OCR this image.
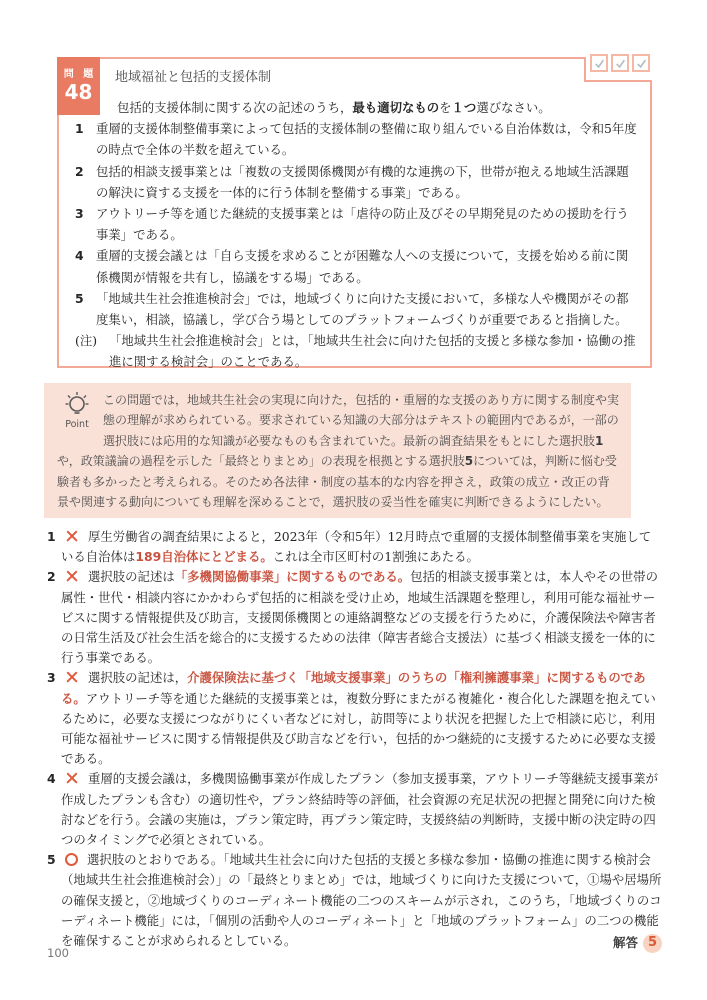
問 題
48
地域福祉と包括的支援体制

包括的支援体制に関する次の記述のうち，最も適切なものを１つ選びなさい。

1 重層的支援体制整備事業によって包括的支援体制の整備に取り組んでいる自治体数は，令和5年度の時点で全体の半数を超えている。

2 包括的相談支援事業とは「複数の支援関係機関が有機的な連携の下，世帯が抱える地域生活課題の解決に資する支援を一体的に行う体制を整備する事業」である。

3 アウトリーチ等を通じた継続的支援事業とは「虐待の防止及びその早期発見のための援助を行う事業」である。

4 重層的支援会議とは「自ら支援を求めることが困難な人への支援について，支援を始める前に関係機関が情報を共有し，協議をする場」である。

5 「地域共生社会推進検討会」では，地域づくりに向けた支援において，多様な人や機関がその都度集い，相談，協議し，学び合う場としてのプラットフォームづくりが重要であると指摘した。

(注) 「地域共生社会推進検討会」とは，「地域共生社会に向けた包括的支援と多様な参加・協働の推進に関する検討会」のことである。

Point
この問題では，地域共生社会の実現に向けた，包括的・重層的な支援のあり方に関する制度や実態の理解が求められている。要求されている知識の大部分はテキストの範囲内であるが，一部の選択肢には応用的な知識が必要なものも含まれていた。最新の調査結果をもとにした選択肢1や，政策議論の過程を示した「最終とりまとめ」の表現を根拠とする選択肢5については，判断に悩む受験者も多かったと考えられる。そのため各法律・制度の基本的な内容を押さえ，政策の成立・改正の背景や関連する動向についても理解を深めることで，選択肢の妥当性を確実に判断できるようにしたい。

1	厚生労働省の調査結果によると，2023年（令和5年）12月時点で重層的支援体制整備事業を実施している自治体は189自治体にとどまる。これは全市区町村の1割強にあたる。

2	選択肢の記述は「多機関協働事業」に関するものである。包括的相談支援事業とは，本人やその世帯の属性・世代・相談内容にかかわらず包括的に相談を受け止め，地域生活課題を整理し，利用可能な福祉サービスに関する情報提供及び助言，支援関係機関との連絡調整などの支援を行うために，介護保険法や障害者の日常生活及び社会生活を総合的に支援するための法律（障害者総合支援法）に基づく相談支援を一体的に行う事業である。

3	選択肢の記述は，介護保険法に基づく「地域支援事業」のうちの「権利擁護事業」に関するものである。アウトリーチ等を通じた継続的支援事業とは，複数分野にまたがる複雑化・複合化した課題を抱えているために，必要な支援につながりにくい者などに対し，訪問等により状況を把握した上で相談に応じ，利用可能な福祉サービスに関する情報提供及び助言などを行い，包括的かつ継続的に支援するために必要な支援である。

4	重層的支援会議は，多機関協働事業が作成したプラン（参加支援事業，アウトリーチ等継続支援事業が作成したプランも含む）の適切性や，プラン終結時等の評価，社会資源の充足状況の把握と開発に向けた検討などを行う。会議の実施は，プラン策定時，再プラン策定時，支援終結の判断時，支援中断の決定時の四つのタイミングで必須とされている。

5	選択肢のとおりである。「地域共生社会に向けた包括的支援と多様な参加・協働の推進に関する検討会（地域共生社会推進検討会）」の「最終とりまとめ」では，地域づくりに向けた支援について，①場や居場所の確保支援と，②地域づくりのコーディネート機能の二つのスキームが示され，このうち，「地域づくりのコーディネート機能」には，「個別の活動や人のコーディネート」と「地域のプラットフォーム」の二つの機能を確保することが求められるとしている。	解答 5
100
